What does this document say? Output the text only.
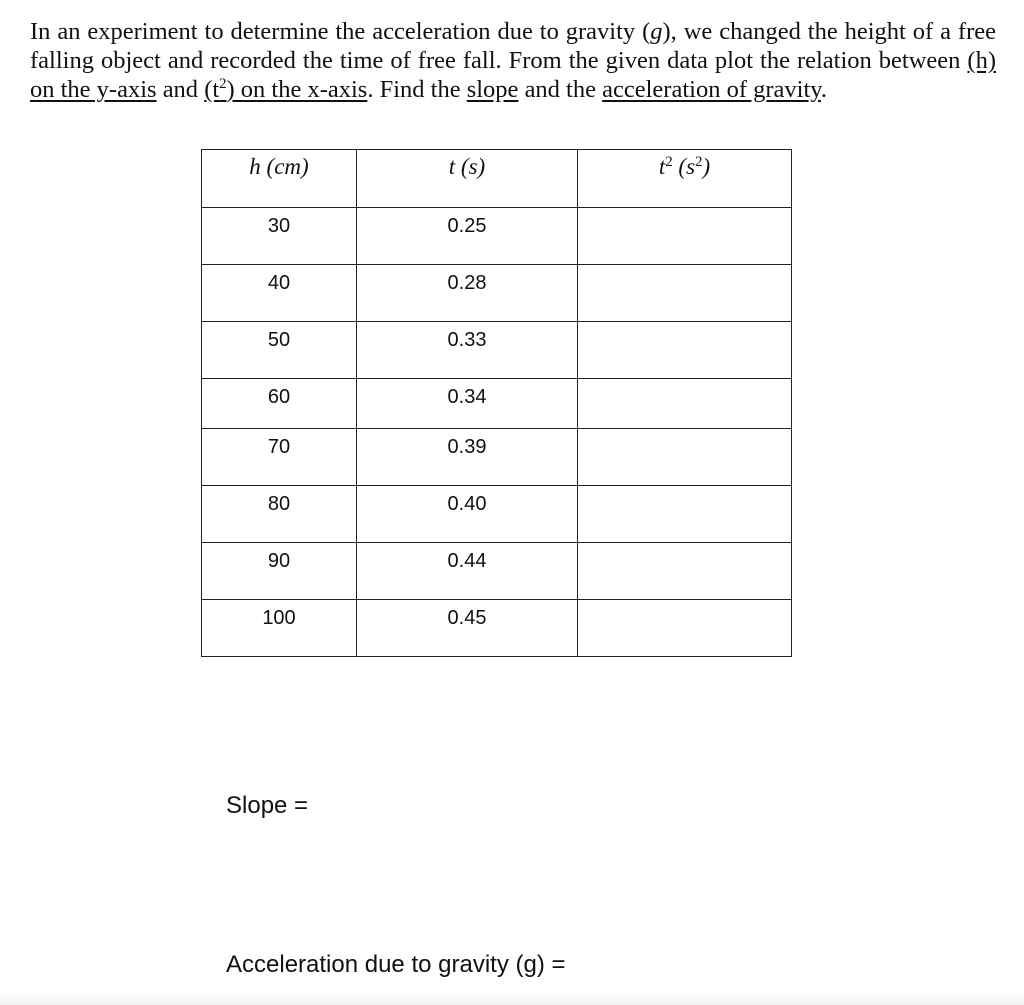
In an experiment to determine the acceleration due to gravity (g), we changed the height of a free falling object and recorded the time of free fall. From the given data plot the relation between (h) on the y-axis and $(t^2)$ on the x-axis. Find the slope and the acceleration of gravity.
h (cm)	t (s)	$t^2$ $(s^2)$
30	0.25	
40	0.28	
50	0.33	
60	0.34	
70	0.39	
80	0.40	
90	0.44	
100	0.45	
Slope =
Acceleration due to gravity (g) =
